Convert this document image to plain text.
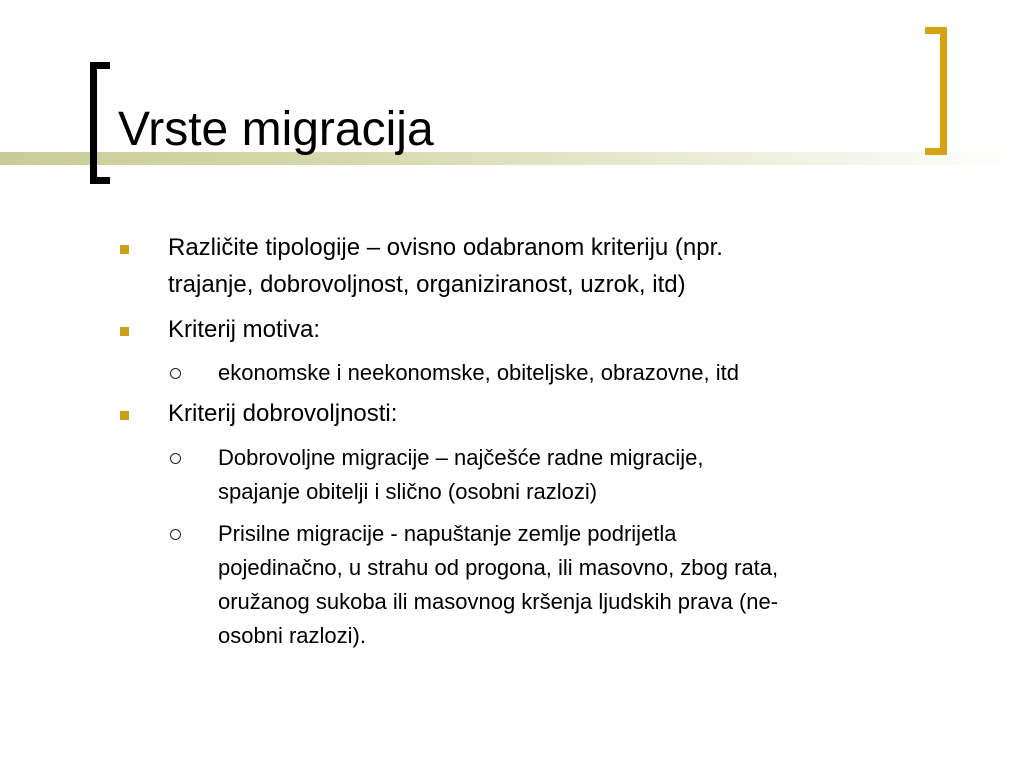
Vrste migracija
Različite tipologije – ovisno odabranom kriteriju (npr.
trajanje, dobrovoljnost, organiziranost, uzrok, itd)
Kriterij motiva:
ekonomske i neekonomske, obiteljske, obrazovne, itd
Kriterij dobrovoljnosti:
Dobrovoljne migracije – najčešće radne migracije,
spajanje obitelji i slično (osobni razlozi)
Prisilne migracije - napuštanje zemlje podrijetla
pojedinačno, u strahu od progona, ili masovno, zbog rata,
oružanog sukoba ili masovnog kršenja ljudskih prava (ne-
osobni razlozi).
